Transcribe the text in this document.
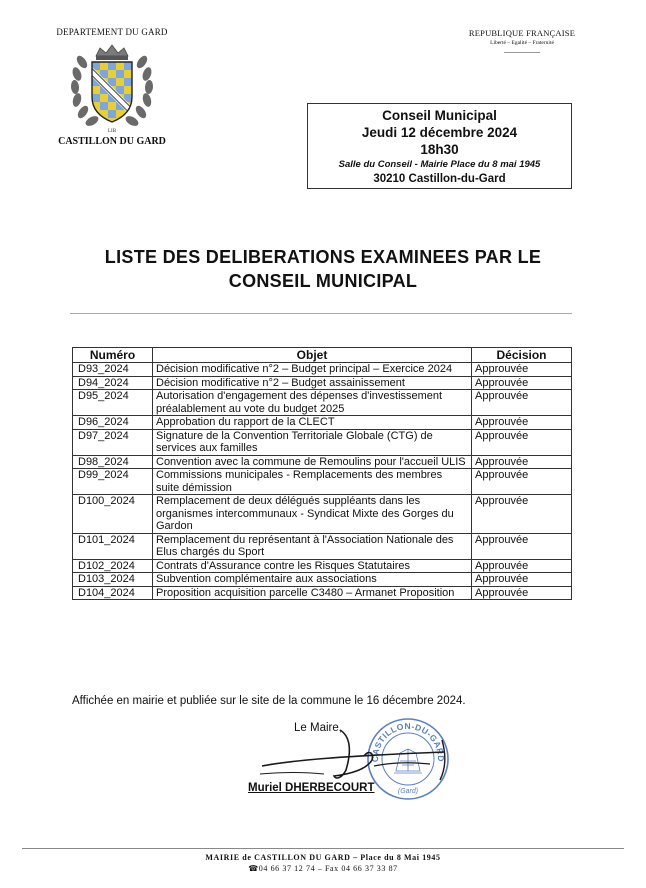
DEPARTEMENT DU GARD
LIB
CASTILLON DU GARD
REPUBLIQUE FRANÇAISE
Liberté – Egalité – Fraternité
Conseil Municipal
Jeudi 12 décembre 2024
18h30
Salle du Conseil - Mairie Place du 8 mai 1945
30210 Castillon-du-Gard
LISTE DES DELIBERATIONS EXAMINEES PAR LE
CONSEIL MUNICIPAL
Numéro	Objet	Décision
D93_2024	Décision modificative n°2 – Budget principal – Exercice 2024	Approuvée
D94_2024	Décision modificative n°2 – Budget assainissement	Approuvée
D95_2024	Autorisation d'engagement des dépenses d'investissement préalablement au vote du budget 2025	Approuvée
D96_2024	Approbation du rapport de la CLECT	Approuvée
D97_2024	Signature de la Convention Territoriale Globale (CTG) de services aux familles	Approuvée
D98_2024	Convention avec la commune de Remoulins pour l'accueil ULIS	Approuvée
D99_2024	Commissions municipales - Remplacements des membres suite démission	Approuvée
D100_2024	Remplacement de deux délégués suppléants dans les organismes intercommunaux - Syndicat Mixte des Gorges du Gardon	Approuvée
D101_2024	Remplacement du représentant à l'Association Nationale des Elus chargés du Sport	Approuvée
D102_2024	Contrats d'Assurance contre les Risques Statutaires	Approuvée
D103_2024	Subvention complémentaire aux associations	Approuvée
D104_2024	Proposition acquisition parcelle C3480 – Armanet Proposition	Approuvée
Affichée en mairie et publiée sur le site de la commune le 16 décembre 2024.
Le Maire,
CASTILLON-DU-GARD
(Gard)
Muriel DHERBECOURT
MAIRIE de CASTILLON DU GARD – Place du 8 Mai 1945
☎04 66 37 12 74 – Fax 04 66 37 33 87
